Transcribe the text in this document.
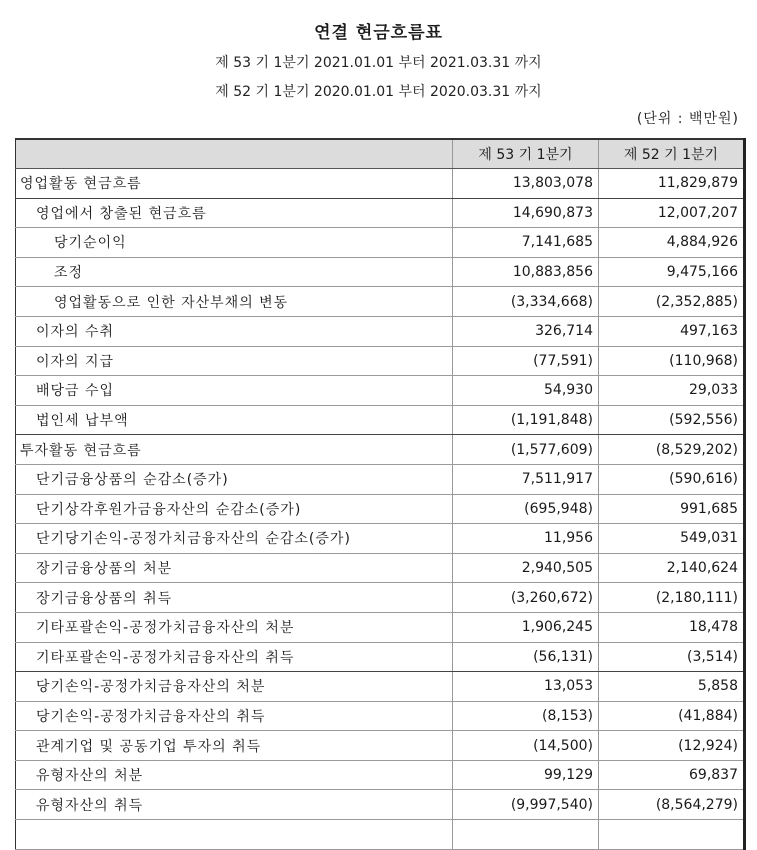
연결 현금흐름표
제 53 기 1분기 2021.01.01 부터 2021.03.31 까지
제 52 기 1분기 2020.01.01 부터 2020.03.31 까지
(단위 : 백만원)
	제 53 기 1분기	제 52 기 1분기
영업활동 현금흐름	13,803,078	11,829,879
영업에서 창출된 현금흐름	14,690,873	12,007,207
당기순이익	7,141,685	4,884,926
조정	10,883,856	9,475,166
영업활동으로 인한 자산부채의 변동	(3,334,668)	(2,352,885)
이자의 수취	326,714	497,163
이자의 지급	(77,591)	(110,968)
배당금 수입	54,930	29,033
법인세 납부액	(1,191,848)	(592,556)
투자활동 현금흐름	(1,577,609)	(8,529,202)
단기금융상품의 순감소(증가)	7,511,917	(590,616)
단기상각후원가금융자산의 순감소(증가)	(695,948)	991,685
단기당기손익-공정가치금융자산의 순감소(증가)	11,956	549,031
장기금융상품의 처분	2,940,505	2,140,624
장기금융상품의 취득	(3,260,672)	(2,180,111)
기타포괄손익-공정가치금융자산의 처분	1,906,245	18,478
기타포괄손익-공정가치금융자산의 취득	(56,131)	(3,514)
당기손익-공정가치금융자산의 처분	13,053	5,858
당기손익-공정가치금융자산의 취득	(8,153)	(41,884)
관계기업 및 공동기업 투자의 취득	(14,500)	(12,924)
유형자산의 처분	99,129	69,837
유형자산의 취득	(9,997,540)	(8,564,279)
